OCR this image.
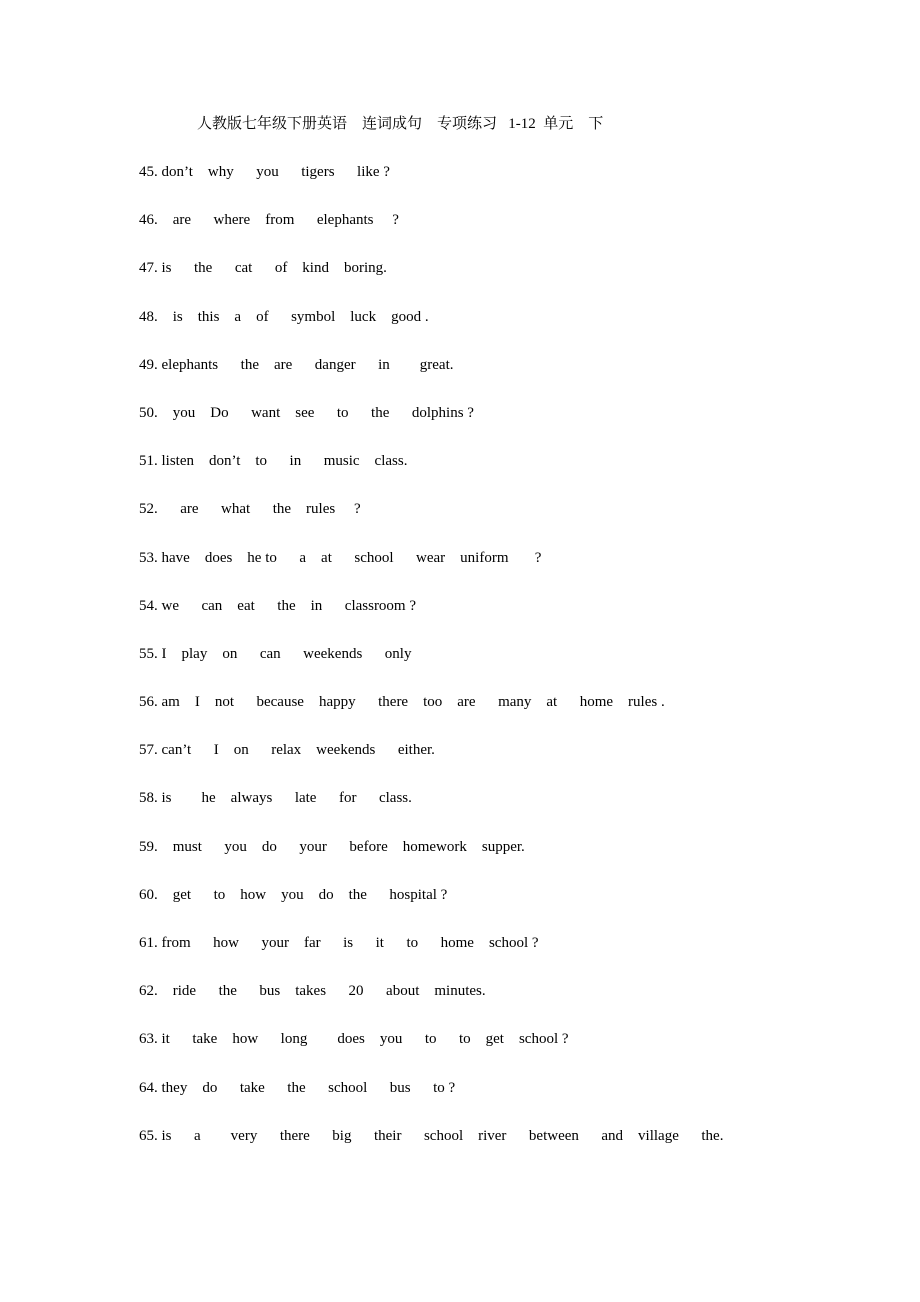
人教版七年级下册英语    连词成句    专项练习   1-12  单元    下
45. don’t    why      you      tigers      like ?
46.    are      where    from      elephants     ?
47. is      the      cat      of    kind    boring.
48.    is    this    a    of      symbol    luck    good .
49. elephants      the    are      danger      in        great.
50.    you    Do      want    see      to      the      dolphins ?
51. listen    don’t    to      in      music    class.
52.      are      what      the    rules     ?
53. have    does    he to      a    at      school      wear    uniform       ?
54. we      can    eat      the    in      classroom ?
55. I    play    on      can      weekends      only
56. am    I    not      because    happy      there    too    are      many    at      home    rules .
57. can’t      I    on      relax    weekends      either.
58. is        he    always      late      for      class.
59.    must      you    do      your      before    homework    supper.
60.    get      to    how    you    do    the      hospital ?
61. from      how      your    far      is      it      to      home    school ?
62.    ride      the      bus    takes      20      about    minutes.
63. it      take    how      long        does    you      to      to    get    school ?
64. they    do      take      the      school      bus      to ?
65. is      a        very      there      big      their      school    river      between      and    village      the.
